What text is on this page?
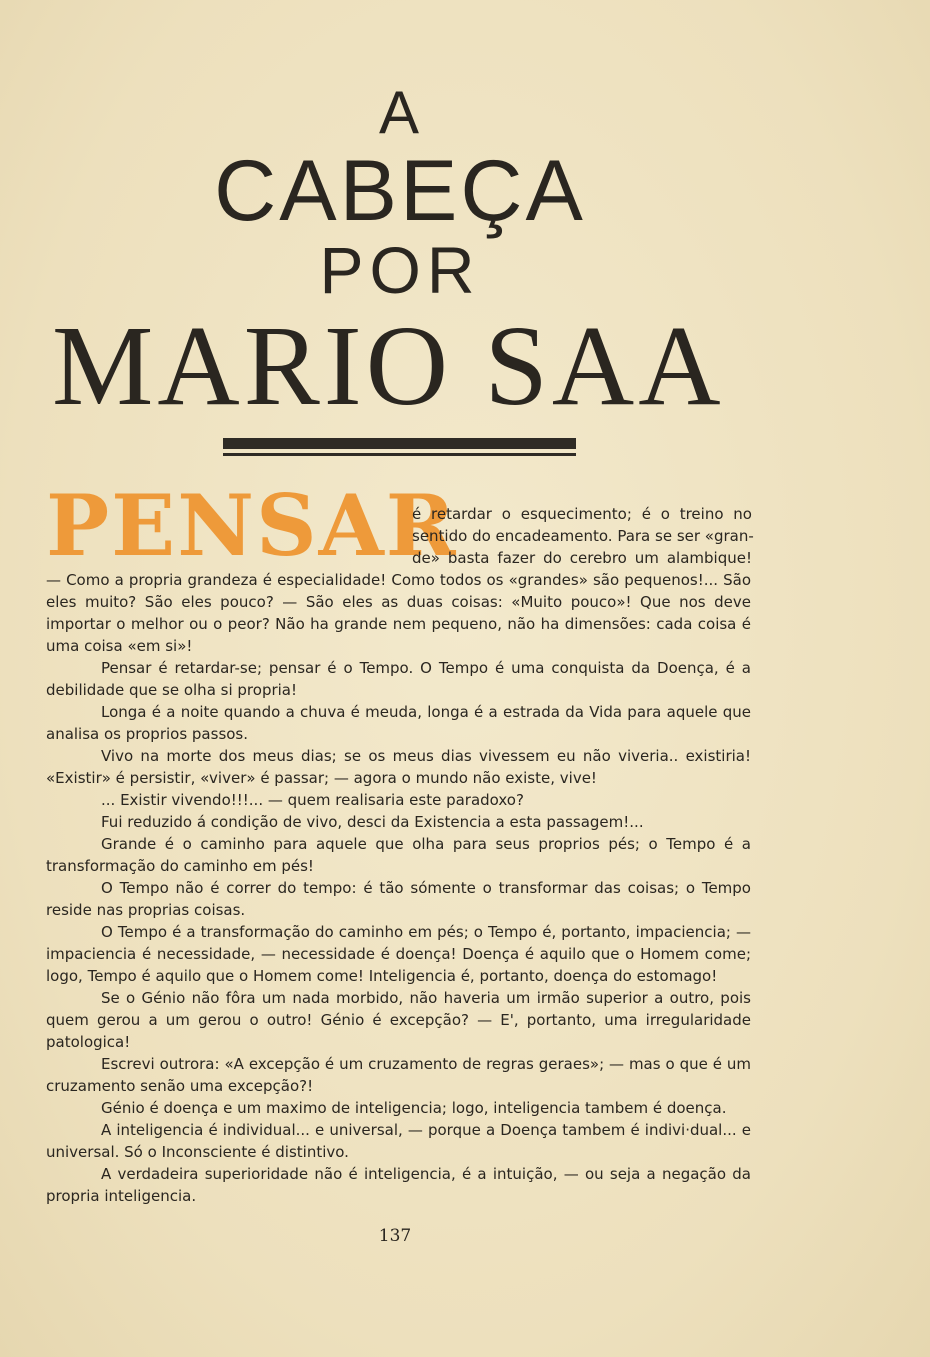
A
CABEÇA
POR
MARIO SAA
PENSAR
é retardar o esquecimento; é o treino no
sentido do encadeamento. Para se ser «gran-
de» basta fazer do cerebro um alambique!

— Como a propria grandeza é especialidade! Como todos os «grandes» são pequenos!... São eles muito? São eles pouco? — São eles as duas coisas: «Muito pouco»! Que nos deve importar o melhor ou o peor? Não ha grande nem pequeno, não ha dimensões: cada coisa é uma coisa «em si»!

Pensar é retardar-se; pensar é o Tempo. O Tempo é uma conquista da Doença, é a debilidade que se olha si propria!

Longa é a noite quando a chuva é meuda, longa é a estrada da Vida para aquele que analisa os proprios passos.

Vivo na morte dos meus dias; se os meus dias vivessem eu não viveria.. existiria! «Existir» é persistir, «viver» é passar; — agora o mundo não existe, vive!

... Existir vivendo!!!... — quem realisaria este paradoxo?

Fui reduzido á condição de vivo, desci da Existencia a esta passagem!...

Grande é o caminho para aquele que olha para seus proprios pés; o Tempo é a transformação do caminho em pés!

O Tempo não é correr do tempo: é tão sómente o transformar das coisas; o Tempo reside nas proprias coisas.

O Tempo é a transformação do caminho em pés; o Tempo é, portanto, impaciencia; — impaciencia é necessidade, — necessidade é doença! Doença é aquilo que o Homem come; logo, Tempo é aquilo que o Homem come! Inteligencia é, portanto, doença do estomago!

Se o Génio não fôra um nada morbido, não haveria um irmão superior a outro, pois quem gerou a um gerou o outro! Génio é excepção? — E', portanto, uma irregularidade patologica!

Escrevi outrora: «A excepção é um cruzamento de regras geraes»; — mas o que é um cruzamento senão uma excepção?!

Génio é doença e um maximo de inteligencia; logo, inteligencia tambem é doença.

A inteligencia é individual... e universal, — porque a Doença tambem é indivi·dual... e universal. Só o Inconsciente é distintivo.

A verdadeira superioridade não é inteligencia, é a intuição, — ou seja a negação da propria inteligencia.

137
